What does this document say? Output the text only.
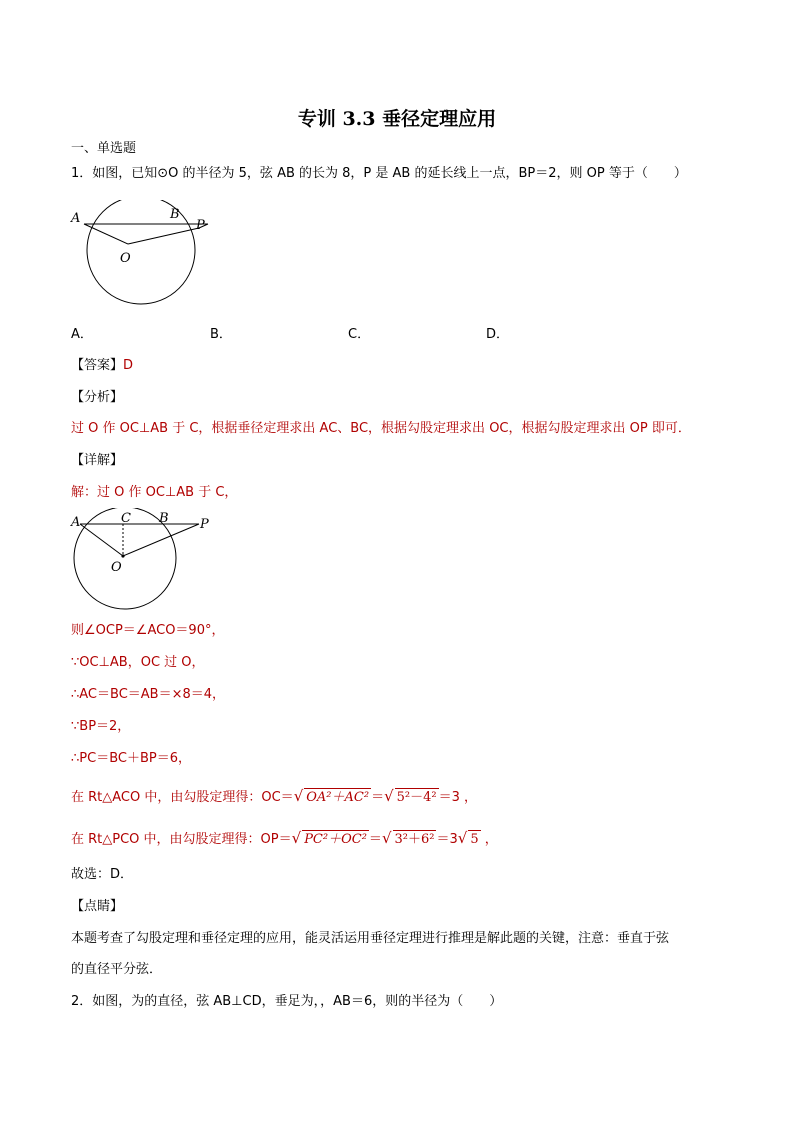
专训 3.3 垂径定理应用
一、单选题
1．如图，已知⊙O 的半径为 5，弦 AB 的长为 8，P 是 AB 的延长线上一点，BP＝2，则 OP 等于（　　）
A	B
P
O
A．	B．	C．	D．
【答案】D
【分析】
过 O 作 OC⊥AB 于 C，根据垂径定理求出 AC、BC，根据勾股定理求出 OC，根据勾股定理求出 OP 即可．
【详解】
解：过 O 作 OC⊥AB 于 C，
A	C B P
O
则∠OCP＝∠ACO＝90°，
∵OC⊥AB，OC 过 O，
∴AC＝BC＝AB＝×8＝4，
∵BP＝2，
∴PC＝BC＋BP＝6，
在 Rt△ACO 中，由勾股定理得：OC＝√ OA²＋AC² ＝√ 5²－4² ＝3 ，
在 Rt△PCO 中，由勾股定理得：OP＝√ PC²＋OC² ＝√ 3²＋6² ＝3√ 5 ，
故选：D．
【点睛】
本题考查了勾股定理和垂径定理的应用，能灵活运用垂径定理进行推理是解此题的关键，注意：垂直于弦
的直径平分弦．
2．如图，为的直径，弦 AB⊥CD，垂足为，，AB＝6，则的半径为（　　）
